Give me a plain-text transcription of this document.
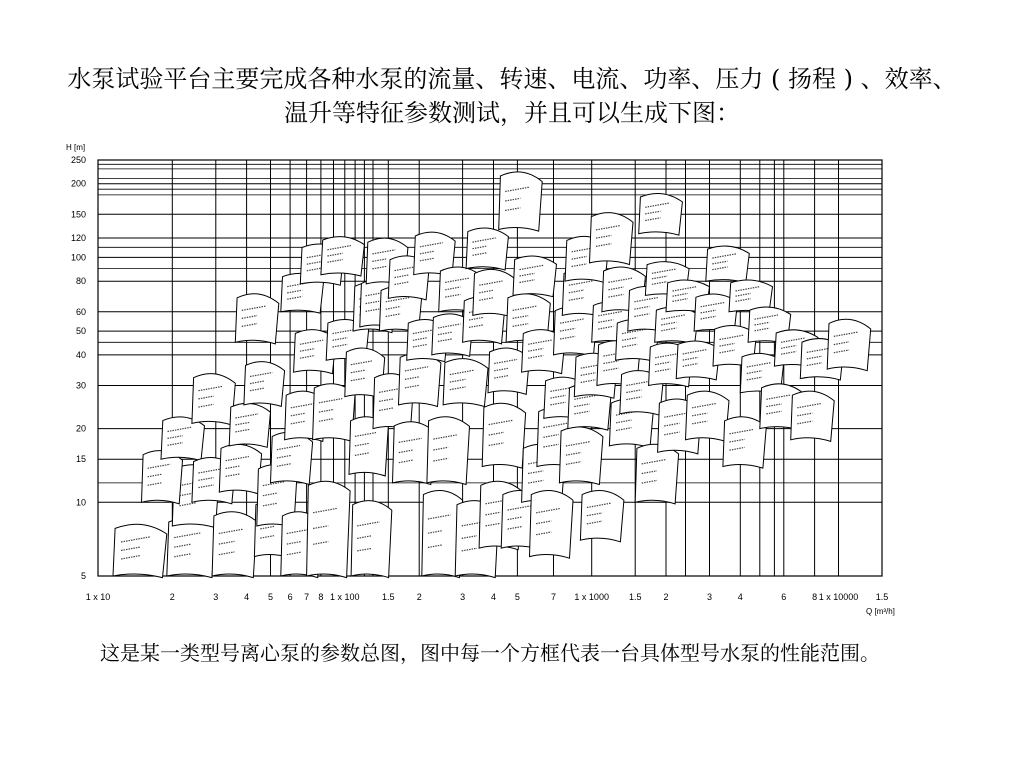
水泵试验平台主要完成各种水泵的流量、转速、电流、功率、压力 ( 扬程 ) 、效率、温升等特征参数测试，并且可以生成下图：
1 x 10	2	3	4 5 6 7 8 1 x 100 1.5 2	3	4 5	7 1 x 1000 1.5 2	3	4	6	8 1 x 10000 1.5
5
10
15
20
30
40
50
60
80
100
120
150
200
250
H [m]
Q [m³/h]
这是某一类型号离心泵的参数总图，图中每一个方框代表一台具体型号水泵的性能范围。
